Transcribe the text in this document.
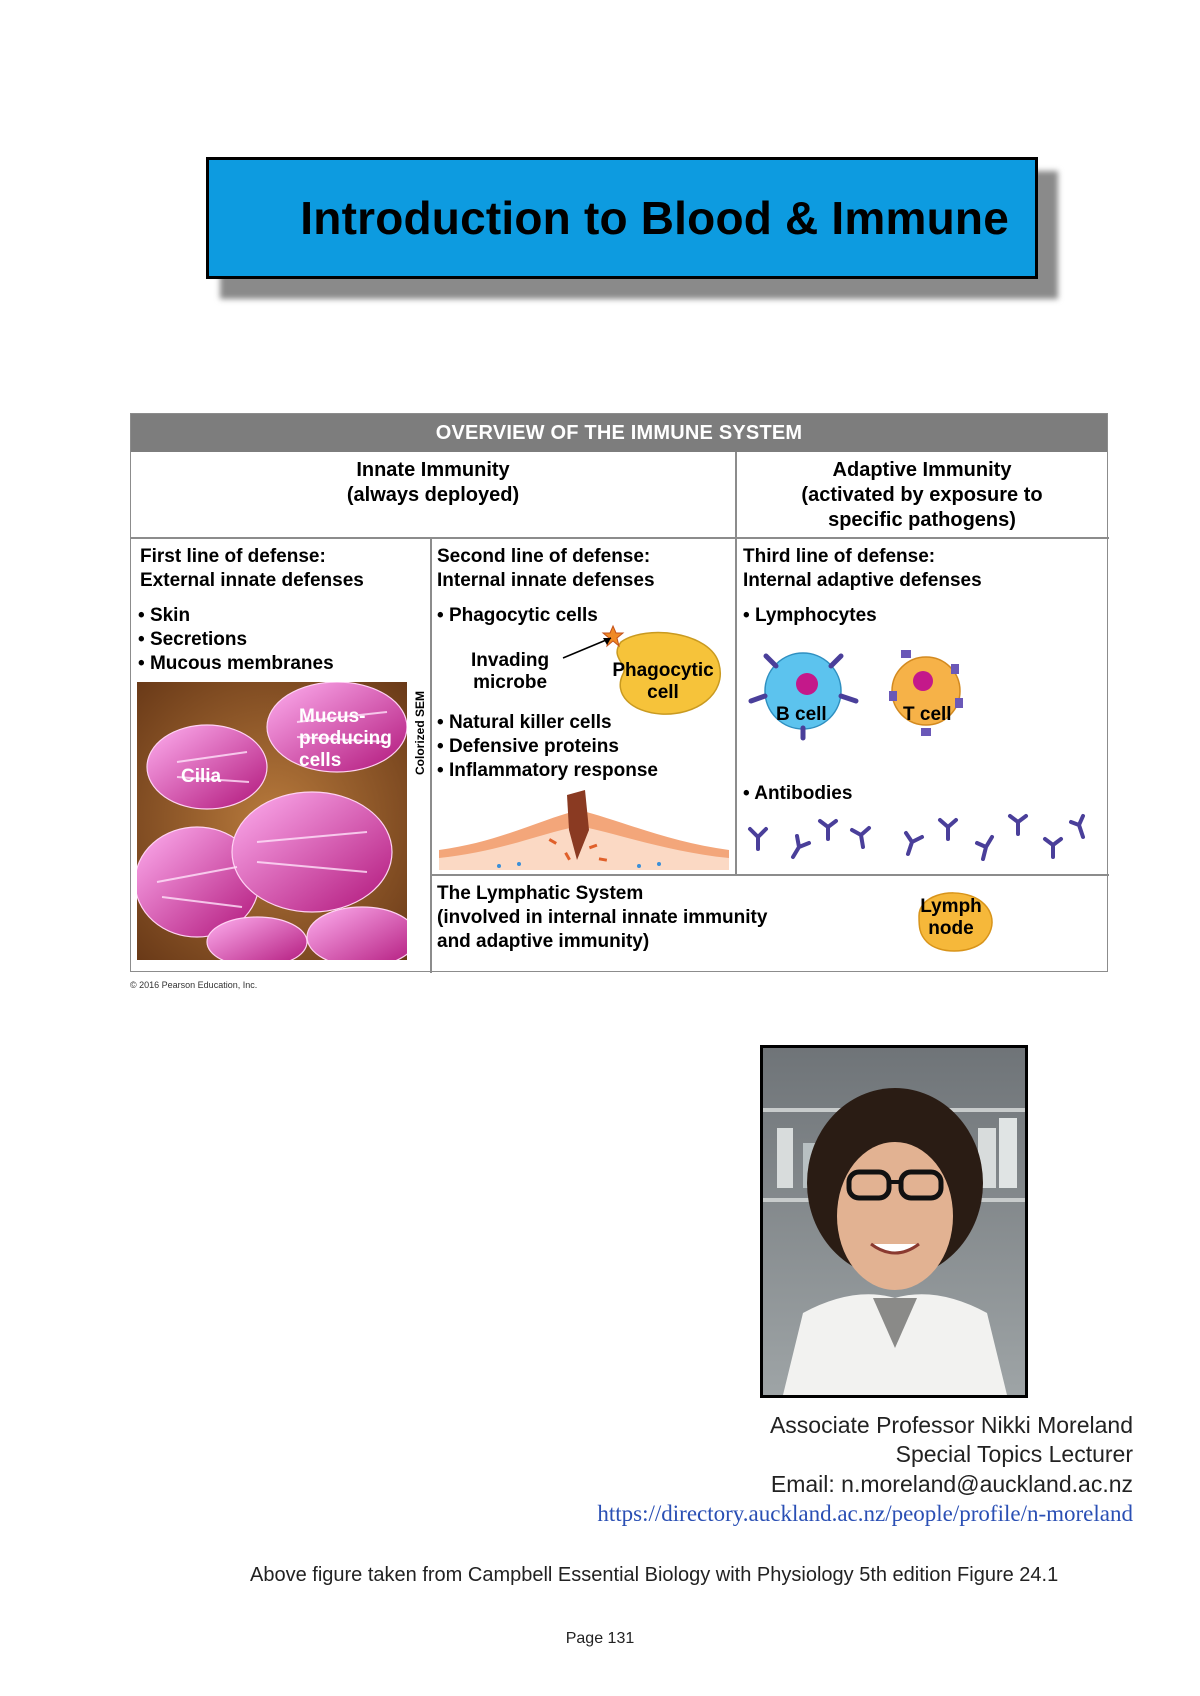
Introduction to Blood & Immune
OVERVIEW OF THE IMMUNE SYSTEM
Innate Immunity
(always deployed)
Adaptive Immunity
(activated by exposure to
specific pathogens)
First line of defense:
External innate defenses
• Skin
• Secretions
• Mucous membranes
Cilia
Mucus-
producing
cells	Colorized SEM
Second line of defense:
Internal innate defenses
• Phagocytic cells
Invading
microbe
Phagocytic
cell
• Natural killer cells
• Defensive proteins
• Inflammatory response
Third line of defense:
Internal adaptive defenses
• Lymphocytes
B cell	T cell
• Antibodies
The Lymphatic System
(involved in internal innate immunity
and adaptive immunity)
Lymph
node
© 2016 Pearson Education, Inc.
Associate Professor Nikki Moreland
Special Topics Lecturer
Email: n.moreland@auckland.ac.nz
https://directory.auckland.ac.nz/people/profile/n-moreland
Above figure taken from Campbell Essential Biology with Physiology 5th edition Figure 24.1
Page 131
